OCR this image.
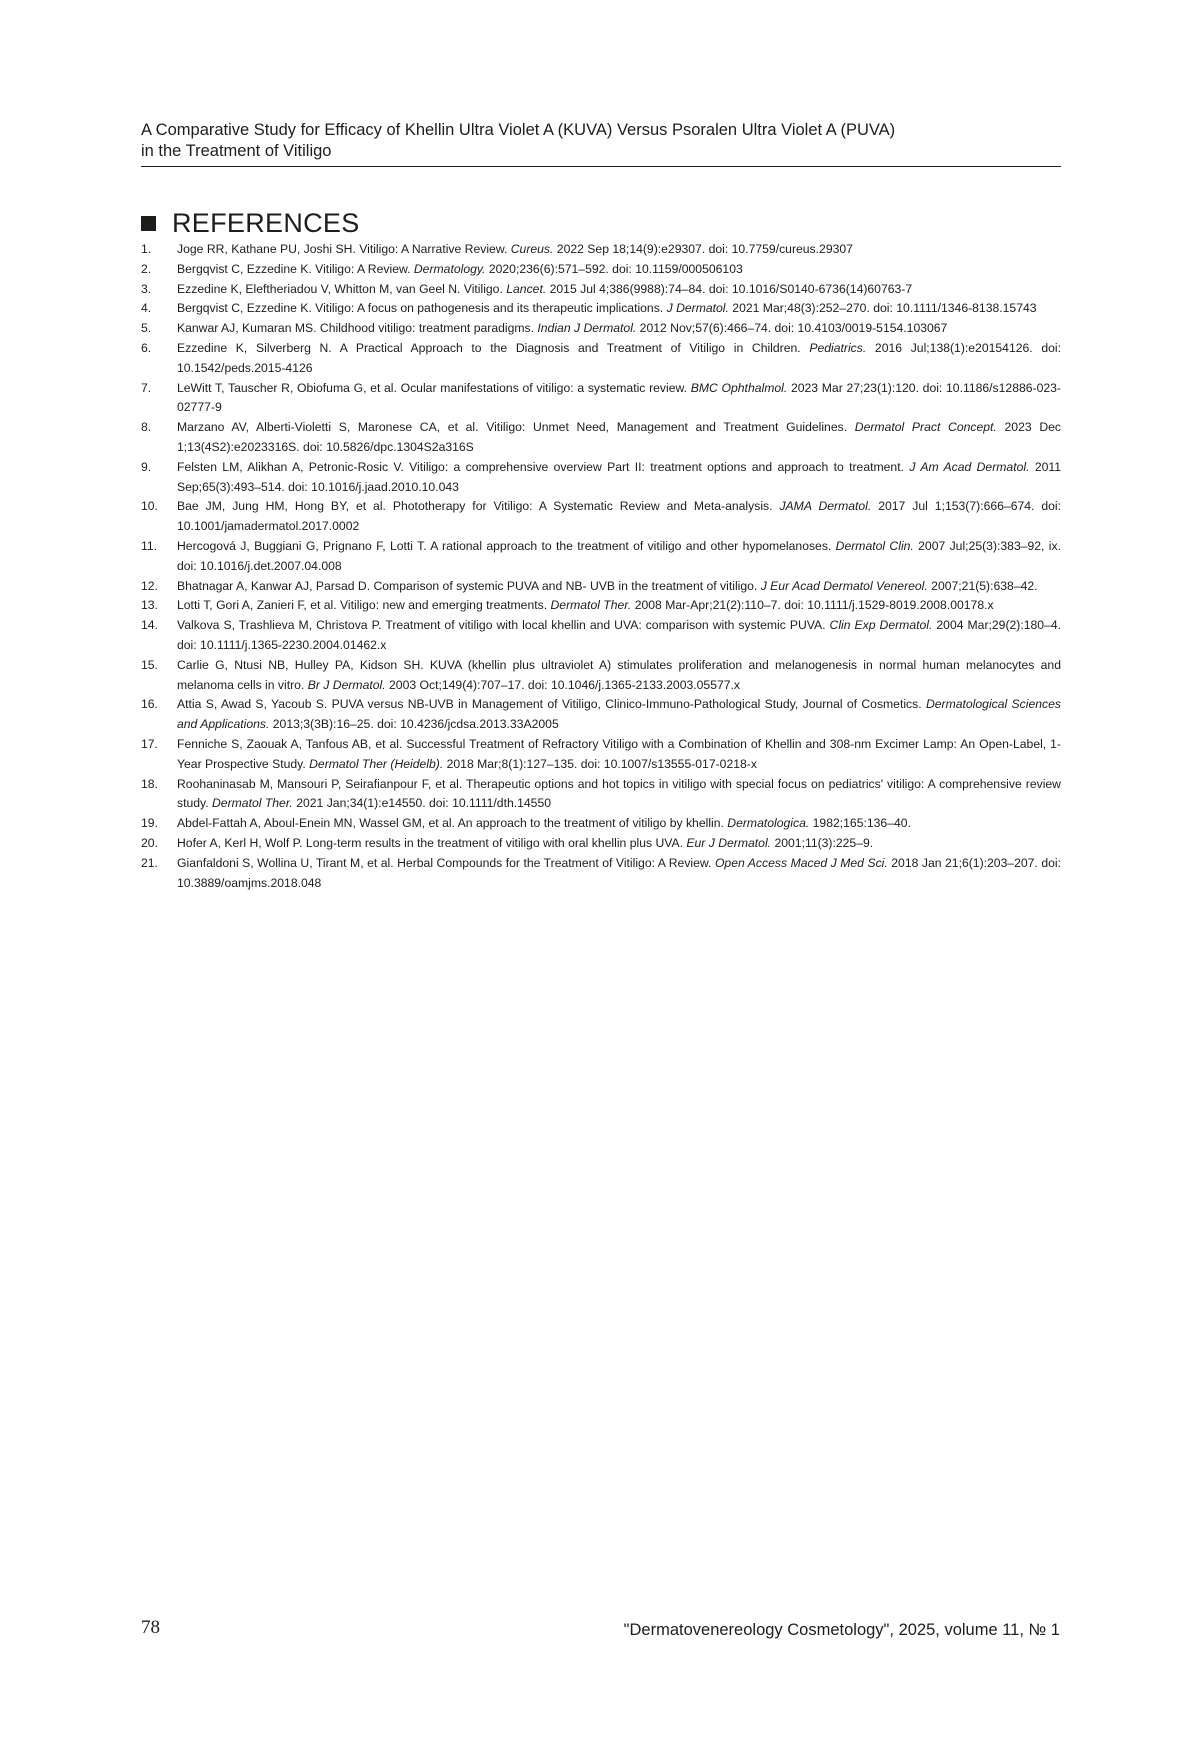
A Comparative Study for Efficacy of Khellin Ultra Violet A (KUVA) Versus Psoralen Ultra Violet A (PUVA)
in the Treatment of Vitiligo
REFERENCES
1.	Joge RR, Kathane PU, Joshi SH. Vitiligo: A Narrative Review. Cureus. 2022 Sep 18;14(9):e29307. doi: 10.7759/cureus.29307
2.	Bergqvist C, Ezzedine K. Vitiligo: A Review. Dermatology. 2020;236(6):571–592. doi: 10.1159/000506103
3.	Ezzedine K, Eleftheriadou V, Whitton M, van Geel N. Vitiligo. Lancet. 2015 Jul 4;386(9988):74–84. doi: 10.1016/S0140-6736(14)60763-7
4.	Bergqvist C, Ezzedine K. Vitiligo: A focus on pathogenesis and its therapeutic implications. J Dermatol. 2021 Mar;48(3):252–270. doi: 10.1111/1346-8138.15743
5.	Kanwar AJ, Kumaran MS. Childhood vitiligo: treatment paradigms. Indian J Dermatol. 2012 Nov;57(6):466–74. doi: 10.4103/0019-5154.103067
6.	Ezzedine K, Silverberg N. A Practical Approach to the Diagnosis and Treatment of Vitiligo in Children. Pediatrics. 2016 Jul;138(1):e20154126. doi: 10.1542/peds.2015-4126
7.	LeWitt T, Tauscher R, Obiofuma G, et al. Ocular manifestations of vitiligo: a systematic review. BMC Ophthalmol. 2023 Mar 27;23(1):120. doi: 10.1186/s12886-023-02777-9
8.	Marzano AV, Alberti-Violetti S, Maronese CA, et al. Vitiligo: Unmet Need, Management and Treatment Guidelines. Dermatol Pract Concept. 2023 Dec 1;13(4S2):e2023316S. doi: 10.5826/dpc.1304S2a316S
9.	Felsten LM, Alikhan A, Petronic-Rosic V. Vitiligo: a comprehensive overview Part II: treatment options and approach to treatment. J Am Acad Dermatol. 2011 Sep;65(3):493–514. doi: 10.1016/j.jaad.2010.10.043
10.	Bae JM, Jung HM, Hong BY, et al. Phototherapy for Vitiligo: A Systematic Review and Meta-analysis. JAMA Dermatol. 2017 Jul 1;153(7):666–674. doi: 10.1001/jamadermatol.2017.0002
11.	Hercogová J, Buggiani G, Prignano F, Lotti T. A rational approach to the treatment of vitiligo and other hypomelanoses. Dermatol Clin. 2007 Jul;25(3):383–92, ix. doi: 10.1016/j.det.2007.04.008
12.	Bhatnagar A, Kanwar AJ, Parsad D. Comparison of systemic PUVA and NB- UVB in the treatment of vitiligo. J Eur Acad Dermatol Venereol. 2007;21(5):638–42.
13.	Lotti T, Gori A, Zanieri F, et al. Vitiligo: new and emerging treatments. Dermatol Ther. 2008 Mar-Apr;21(2):110–7. doi: 10.1111/j.1529-8019.2008.00178.x
14.	Valkova S, Trashlieva M, Christova P. Treatment of vitiligo with local khellin and UVA: comparison with systemic PUVA. Clin Exp Dermatol. 2004 Mar;29(2):180–4. doi: 10.1111/j.1365-2230.2004.01462.x
15.	Carlie G, Ntusi NB, Hulley PA, Kidson SH. KUVA (khellin plus ultraviolet A) stimulates proliferation and melanogenesis in normal human melanocytes and melanoma cells in vitro. Br J Dermatol. 2003 Oct;149(4):707–17. doi: 10.1046/j.1365-2133.2003.05577.x
16.	Attia S, Awad S, Yacoub S. PUVA versus NB-UVB in Management of Vitiligo, Clinico-Immuno-Pathological Study, Journal of Cosmetics. Dermatological Sciences and Applications. 2013;3(3B):16–25. doi: 10.4236/jcdsa.2013.33A2005
17.	Fenniche S, Zaouak A, Tanfous AB, et al. Successful Treatment of Refractory Vitiligo with a Combination of Khellin and 308-nm Excimer Lamp: An Open-Label, 1-Year Prospective Study. Dermatol Ther (Heidelb). 2018 Mar;8(1):127–135. doi: 10.1007/s13555-017-0218-x
18.	Roohaninasab M, Mansouri P, Seirafianpour F, et al. Therapeutic options and hot topics in vitiligo with special focus on pediatrics' vitiligo: A comprehensive review study. Dermatol Ther. 2021 Jan;34(1):e14550. doi: 10.1111/dth.14550
19.	Abdel-Fattah A, Aboul-Enein MN, Wassel GM, et al. An approach to the treatment of vitiligo by khellin. Dermatologica. 1982;165:136–40.
20.	Hofer A, Kerl H, Wolf P. Long-term results in the treatment of vitiligo with oral khellin plus UVA. Eur J Dermatol. 2001;11(3):225–9.
21.	Gianfaldoni S, Wollina U, Tirant M, et al. Herbal Compounds for the Treatment of Vitiligo: A Review. Open Access Maced J Med Sci. 2018 Jan 21;6(1):203–207. doi: 10.3889/oamjms.2018.048
78	"Dermatovenereology Cosmetology", 2025, volume 11, № 1
